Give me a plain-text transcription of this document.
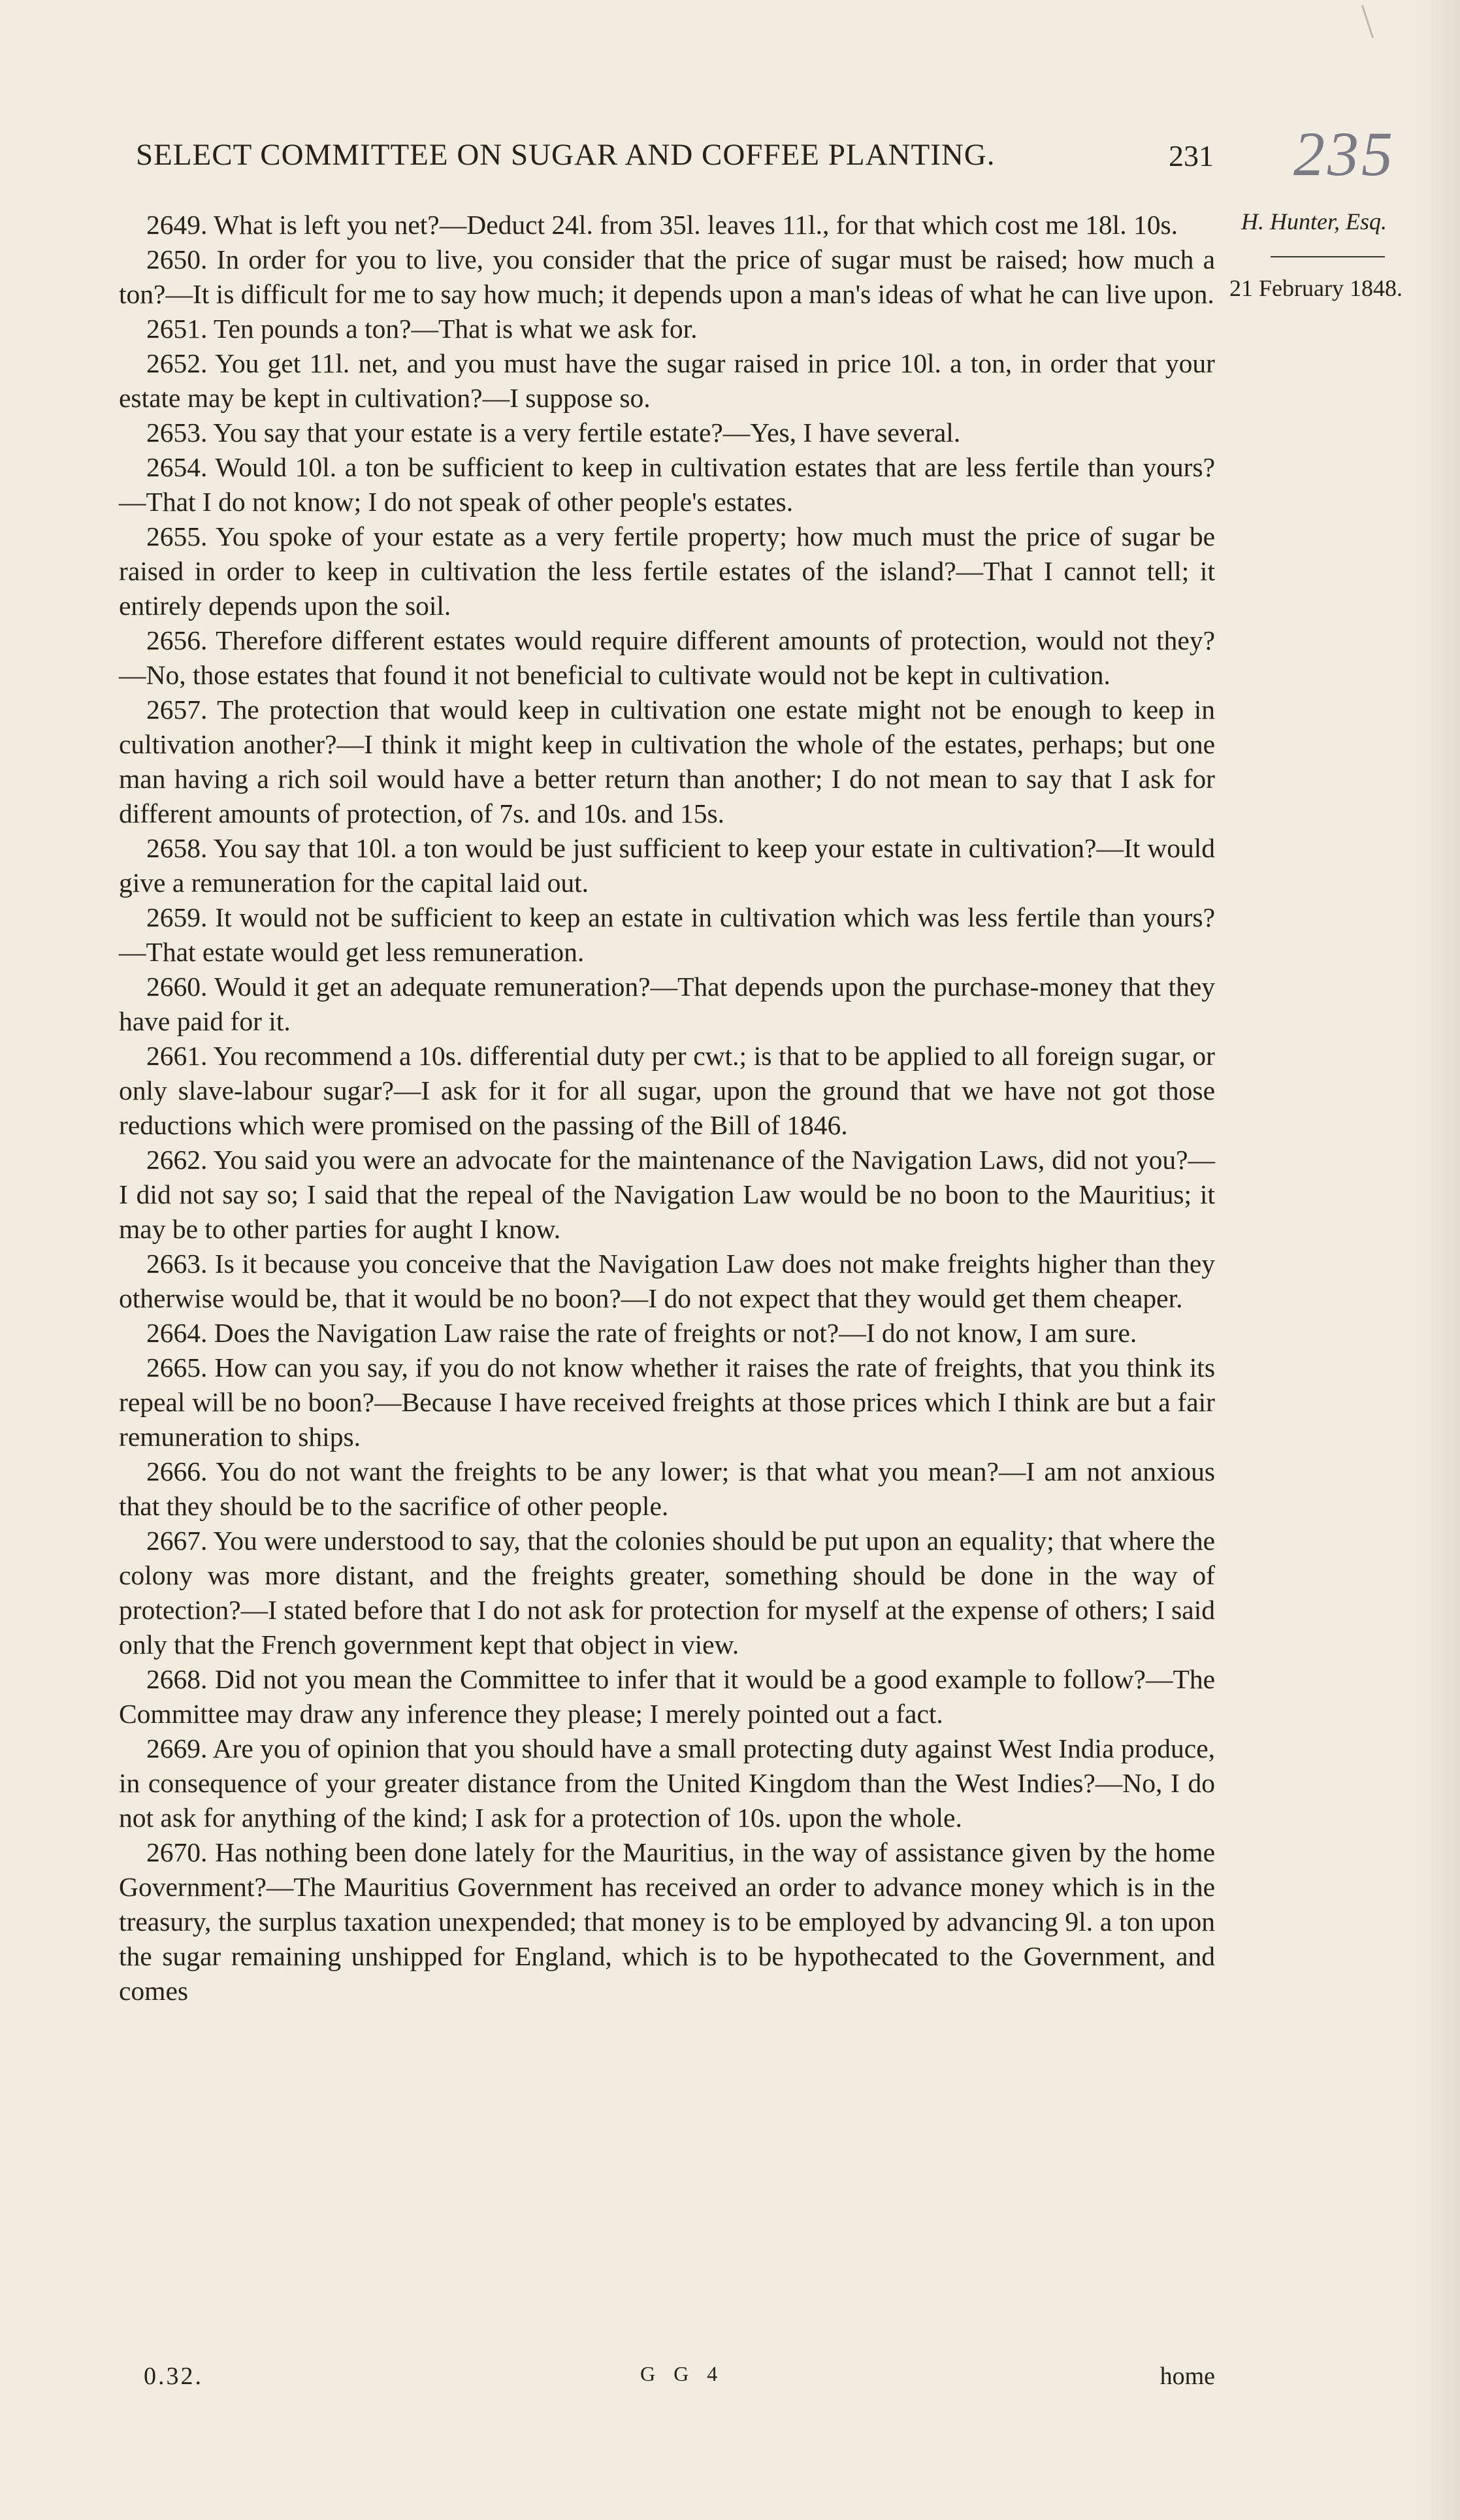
235
SELECT COMMITTEE ON SUGAR AND COFFEE PLANTING.	231
H. Hunter, Esq.
21 February 1848.

2649. What is left you net?—Deduct 24l. from 35l. leaves 11l., for that which cost me 18l. 10s.

2650. In order for you to live, you consider that the price of sugar must be raised; how much a ton?—It is difficult for me to say how much; it depends upon a man's ideas of what he can live upon.

2651. Ten pounds a ton?—That is what we ask for.

2652. You get 11l. net, and you must have the sugar raised in price 10l. a ton, in order that your estate may be kept in cultivation?—I suppose so.

2653. You say that your estate is a very fertile estate?—Yes, I have several.

2654. Would 10l. a ton be sufficient to keep in cultivation estates that are less fertile than yours?—That I do not know; I do not speak of other people's estates.

2655. You spoke of your estate as a very fertile property; how much must the price of sugar be raised in order to keep in cultivation the less fertile estates of the island?—That I cannot tell; it entirely depends upon the soil.

2656. Therefore different estates would require different amounts of protection, would not they?—No, those estates that found it not beneficial to cultivate would not be kept in cultivation.

2657. The protection that would keep in cultivation one estate might not be enough to keep in cultivation another?—I think it might keep in cultivation the whole of the estates, perhaps; but one man having a rich soil would have a better return than another; I do not mean to say that I ask for different amounts of protection, of 7s. and 10s. and 15s.

2658. You say that 10l. a ton would be just sufficient to keep your estate in cultivation?—It would give a remuneration for the capital laid out.

2659. It would not be sufficient to keep an estate in cultivation which was less fertile than yours?—That estate would get less remuneration.

2660. Would it get an adequate remuneration?—That depends upon the purchase-money that they have paid for it.

2661. You recommend a 10s. differential duty per cwt.; is that to be applied to all foreign sugar, or only slave-labour sugar?—I ask for it for all sugar, upon the ground that we have not got those reductions which were promised on the passing of the Bill of 1846.

2662. You said you were an advocate for the maintenance of the Navigation Laws, did not you?—I did not say so; I said that the repeal of the Navigation Law would be no boon to the Mauritius; it may be to other parties for aught I know.

2663. Is it because you conceive that the Navigation Law does not make freights higher than they otherwise would be, that it would be no boon?—I do not expect that they would get them cheaper.

2664. Does the Navigation Law raise the rate of freights or not?—I do not know, I am sure.

2665. How can you say, if you do not know whether it raises the rate of freights, that you think its repeal will be no boon?—Because I have received freights at those prices which I think are but a fair remuneration to ships.

2666. You do not want the freights to be any lower; is that what you mean?—I am not anxious that they should be to the sacrifice of other people.

2667. You were understood to say, that the colonies should be put upon an equality; that where the colony was more distant, and the freights greater, something should be done in the way of protection?—I stated before that I do not ask for protection for myself at the expense of others; I said only that the French government kept that object in view.

2668. Did not you mean the Committee to infer that it would be a good example to follow?—The Committee may draw any inference they please; I merely pointed out a fact.

2669. Are you of opinion that you should have a small protecting duty against West India produce, in consequence of your greater distance from the United Kingdom than the West Indies?—No, I do not ask for anything of the kind; I ask for a protection of 10s. upon the whole.

2670. Has nothing been done lately for the Mauritius, in the way of assistance given by the home Government?—The Mauritius Government has received an order to advance money which is in the treasury, the surplus taxation unexpended; that money is to be employed by advancing 9l. a ton upon the sugar remaining unshipped for England, which is to be hypothecated to the Government, and comes

0.32.	G G 4	home
